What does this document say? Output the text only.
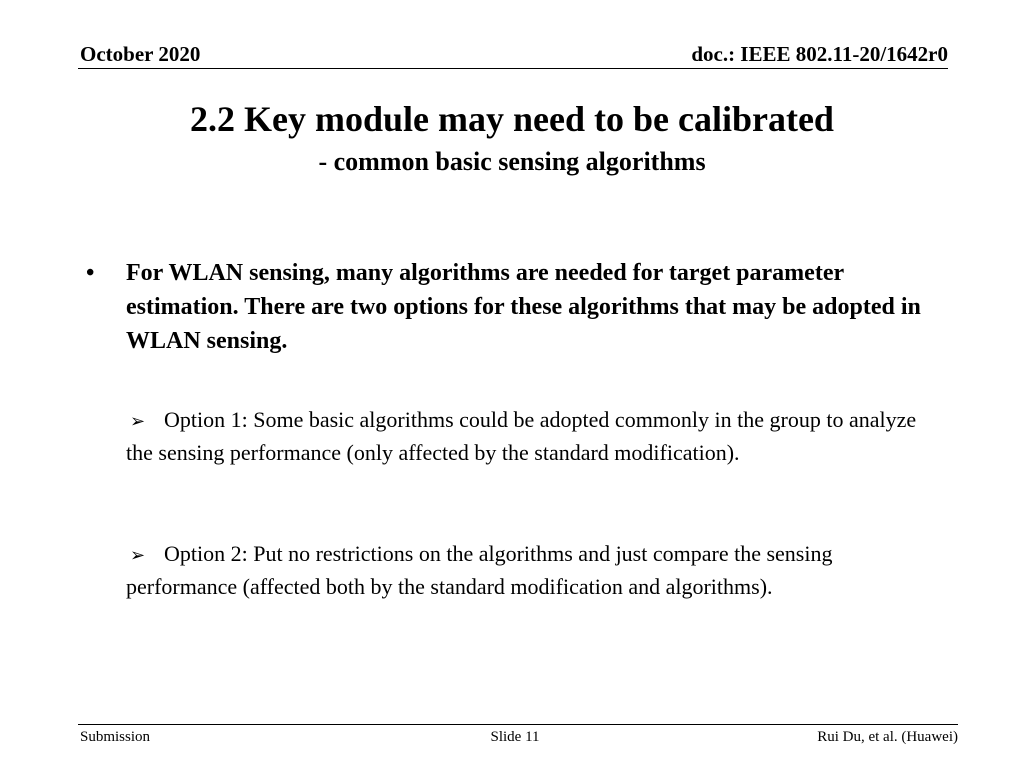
October 2020	doc.: IEEE 802.11-20/1642r0
2.2 Key module may need to be calibrated
- common basic sensing algorithms
•	For WLAN sensing, many algorithms are needed for target parameter estimation. There are two options for these algorithms that may be adopted in WLAN sensing.
➢ Option 1: Some basic algorithms could be adopted commonly in the group to analyze the sensing performance (only affected by the standard modification).
➢ Option 2: Put no restrictions on the algorithms and just compare the sensing performance (affected both by the standard modification and algorithms).
Submission	Slide 11	Rui Du, et al. (Huawei)
